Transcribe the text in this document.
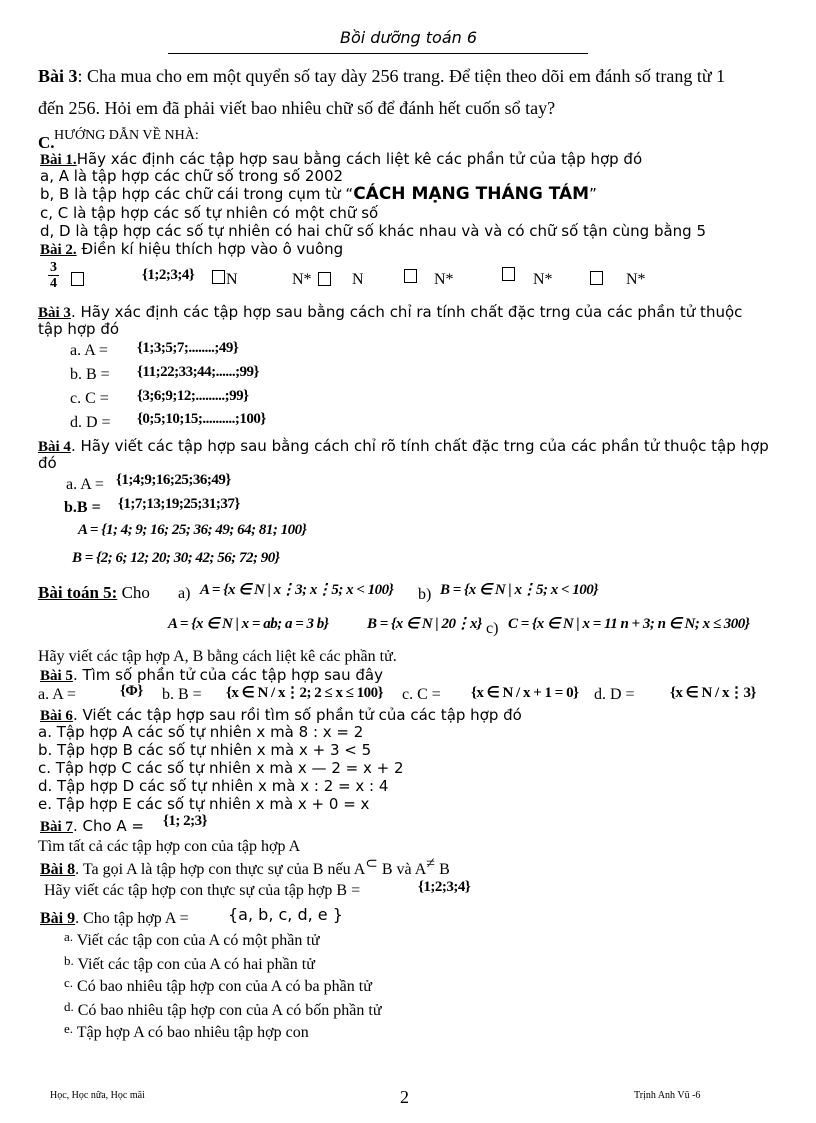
Bồi dưỡng toán 6
Bài 3: Cha mua cho em một quyển số tay dày 256 trang. Để tiện theo dõi em đánh số trang từ 1
đến 256. Hỏi em đã phải viết bao nhiêu chữ số để đánh hết cuốn sổ tay?
C. HƯỚNG DẪN VỀ NHÀ:
Bài 1.Hãy xác định các tập hợp sau bằng cách liệt kê các phần tử của tập hợp đó
a, A là tập hợp các chữ số trong số 2002
b, B là tập hợp các chữ cái trong cụm từ “CÁCH MẠNG THÁNG TÁM”
c, C là tập hợp các số tự nhiên có một chữ số
d, D là tập hợp các số tự nhiên có hai chữ số khác nhau và và có chữ số tận cùng bằng 5
Bài 2. Điền kí hiệu thích hợp vào ô vuông
$\frac{3}{4}$	{1;2;3;4} N	N*	N	N*	N*	N*
Bài 3. Hãy xác định các tập hợp sau bằng cách chỉ ra tính chất đặc trng của các phần tử thuộc
tập hợp đó
a. A = {1;3;5;7;........;49}
b. B = {11;22;33;44;......;99}
c. C = {3;6;9;12;.........;99}
d. D = {0;5;10;15;..........;100}
Bài 4. Hãy viết các tập hợp sau bằng cách chỉ rõ tính chất đặc trng của các phần tử thuộc tập hợp
đó
a. A = {1;4;9;16;25;36;49}
b.B = {1;7;13;19;25;31;37}
A = {1; 4; 9; 16; 25; 36; 49; 64; 81; 100}
B = {2; 6; 12; 20; 30; 42; 56; 72; 90}
Bài toán 5: Cho a) A = {x ∈ N | x⋮3; x⋮5; x < 100} b) B = {x ∈ N | x⋮5; x < 100}
A = {x ∈ N | x = ab; a = 3 b}	B = {x ∈ N | 20⋮x} c) C = {x ∈ N | x = 11 n + 3; n ∈ N; x ≤ 300}
Hãy viết các tập hợp A, B bằng cách liệt kê các phần tử.
Bài 5. Tìm số phần tử của các tập hợp sau đây
a. A =	{Φ} b. B = {x ∈ N / x⋮2; 2 ≤ x ≤ 100} c. C = {x ∈ N / x + 1 = 0} d. D = {x ∈ N / x⋮3}
Bài 6. Viết các tập hợp sau rồi tìm số phần tử của các tập hợp đó
a. Tập hợp A các số tự nhiên x mà 8 : x = 2
b. Tập hợp B các số tự nhiên x mà x + 3 < 5
c. Tập hợp C các số tự nhiên x mà x — 2 = x + 2
d. Tập hợp D các số tự nhiên x mà x : 2 = x : 4
e. Tập hợp E các số tự nhiên x mà x + 0 = x
Bài 7. Cho A = {1; 2;3}
Tìm tất cả các tập hợp con của tập hợp A
Bài 8. Ta gọi A là tập hợp con thực sự của B nếu A⊂ B và A≠ B
Hãy viết các tập hợp con thực sự của tập hợp B =	{1;2;3;4}
Bài 9. Cho tập hợp A = {a, b, c, d, e }
$^{a.}$ Viết các tập con của A có một phần tử
$^{b.}$ Viết các tập con của A có hai phần tử
$^{c.}$ Có bao nhiêu tập hợp con của A có ba phần tử
$^{d.}$ Có bao nhiêu tập hợp con của A có bốn phần tử
$^{e.}$ Tập hợp A có bao nhiêu tập hợp con
Học, Học nữa, Học mãi	2	Trịnh Anh Vũ -6
